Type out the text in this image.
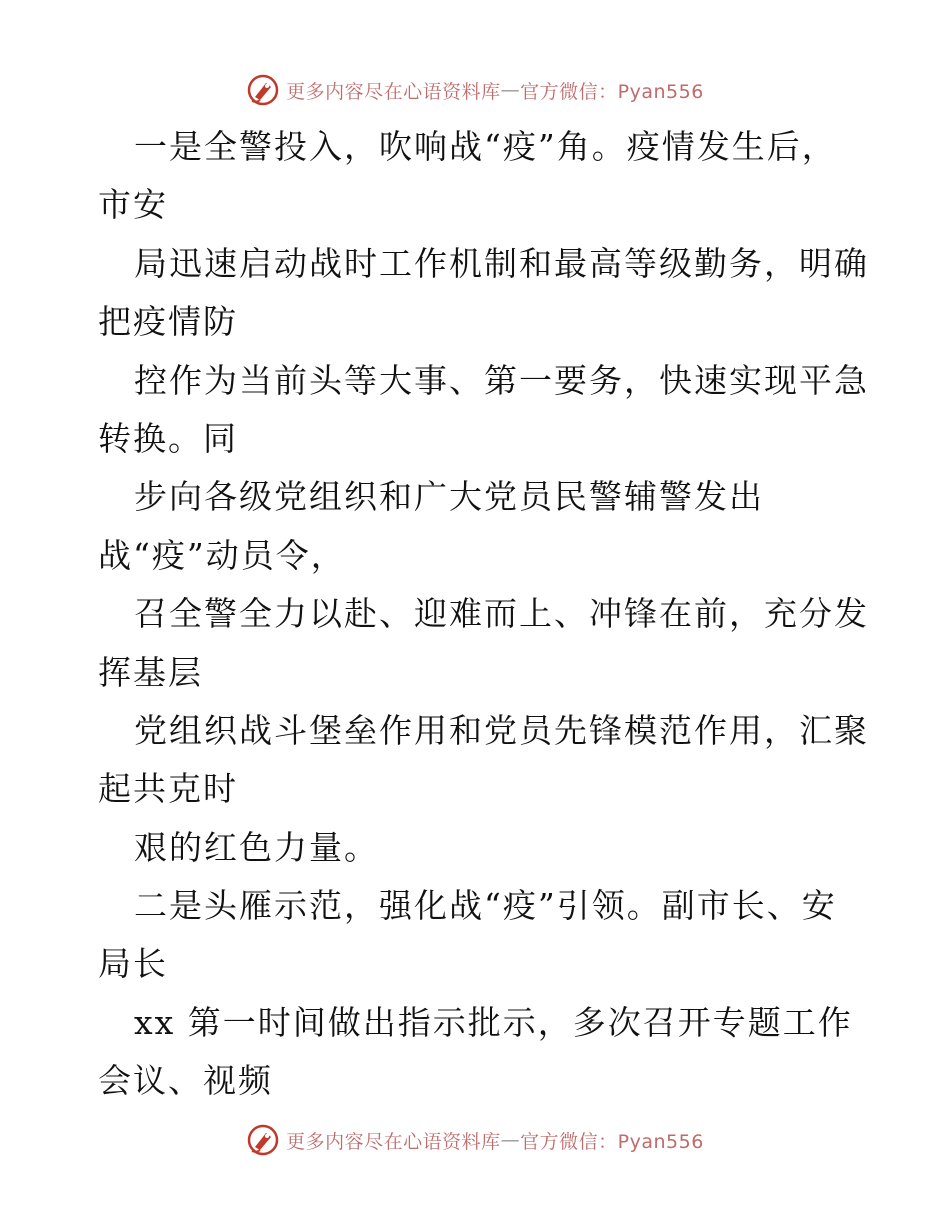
更多内容尽在心语资料库 — 官方微信：Pyan556
一是全警投入，吹响战“疫”角。疫情发生后，
市安
局迅速启动战时工作机制和最高等级勤务，明确
把疫情防
控作为当前头等大事、第一要务，快速实现平急
转换。同
步向各级党组织和广大党员民警辅警发出
战“疫”动员令，
召全警全力以赴、迎难而上、冲锋在前，充分发
挥基层
党组织战斗堡垒作用和党员先锋模范作用，汇聚
起共克时
艰的红色力量。
二是头雁示范，强化战“疫”引领。副市长、安
局长
xx 第一时间做出指示批示，多次召开专题工作
会议、视频
更多内容尽在心语资料库 — 官方微信：Pyan556
